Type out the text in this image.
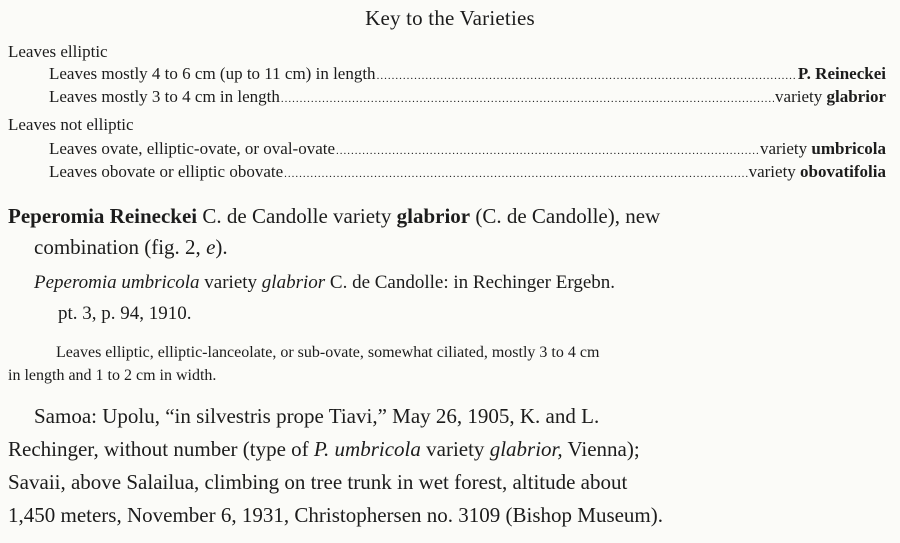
Key to the Varieties
Leaves elliptic
Leaves mostly 4 to 6 cm (up to 11 cm) in length .....	P. Reineckei
Leaves mostly 3 to 4 cm in length .....	variety glabrior
Leaves not elliptic
Leaves ovate, elliptic-ovate, or oval-ovate .....	variety umbricola
Leaves obovate or elliptic obovate .....	variety obovatifolia
Peperomia Reineckei C. de Candolle variety glabrior (C. de Candolle), new
combination (fig. 2, e).
Peperomia umbricola variety glabrior C. de Candolle: in Rechinger Ergebn.
pt. 3, p. 94, 1910.
Leaves elliptic, elliptic-lanceolate, or sub-ovate, somewhat ciliated, mostly 3 to 4 cm
in length and 1 to 2 cm in width.
Samoa: Upolu, “in silvestris prope Tiavi,” May 26, 1905, K. and L.
Rechinger, without number (type of P. umbricola variety glabrior, Vienna);
Savaii, above Salailua, climbing on tree trunk in wet forest, altitude about
1,450 meters, November 6, 1931, Christophersen no. 3109 (Bishop Museum).
